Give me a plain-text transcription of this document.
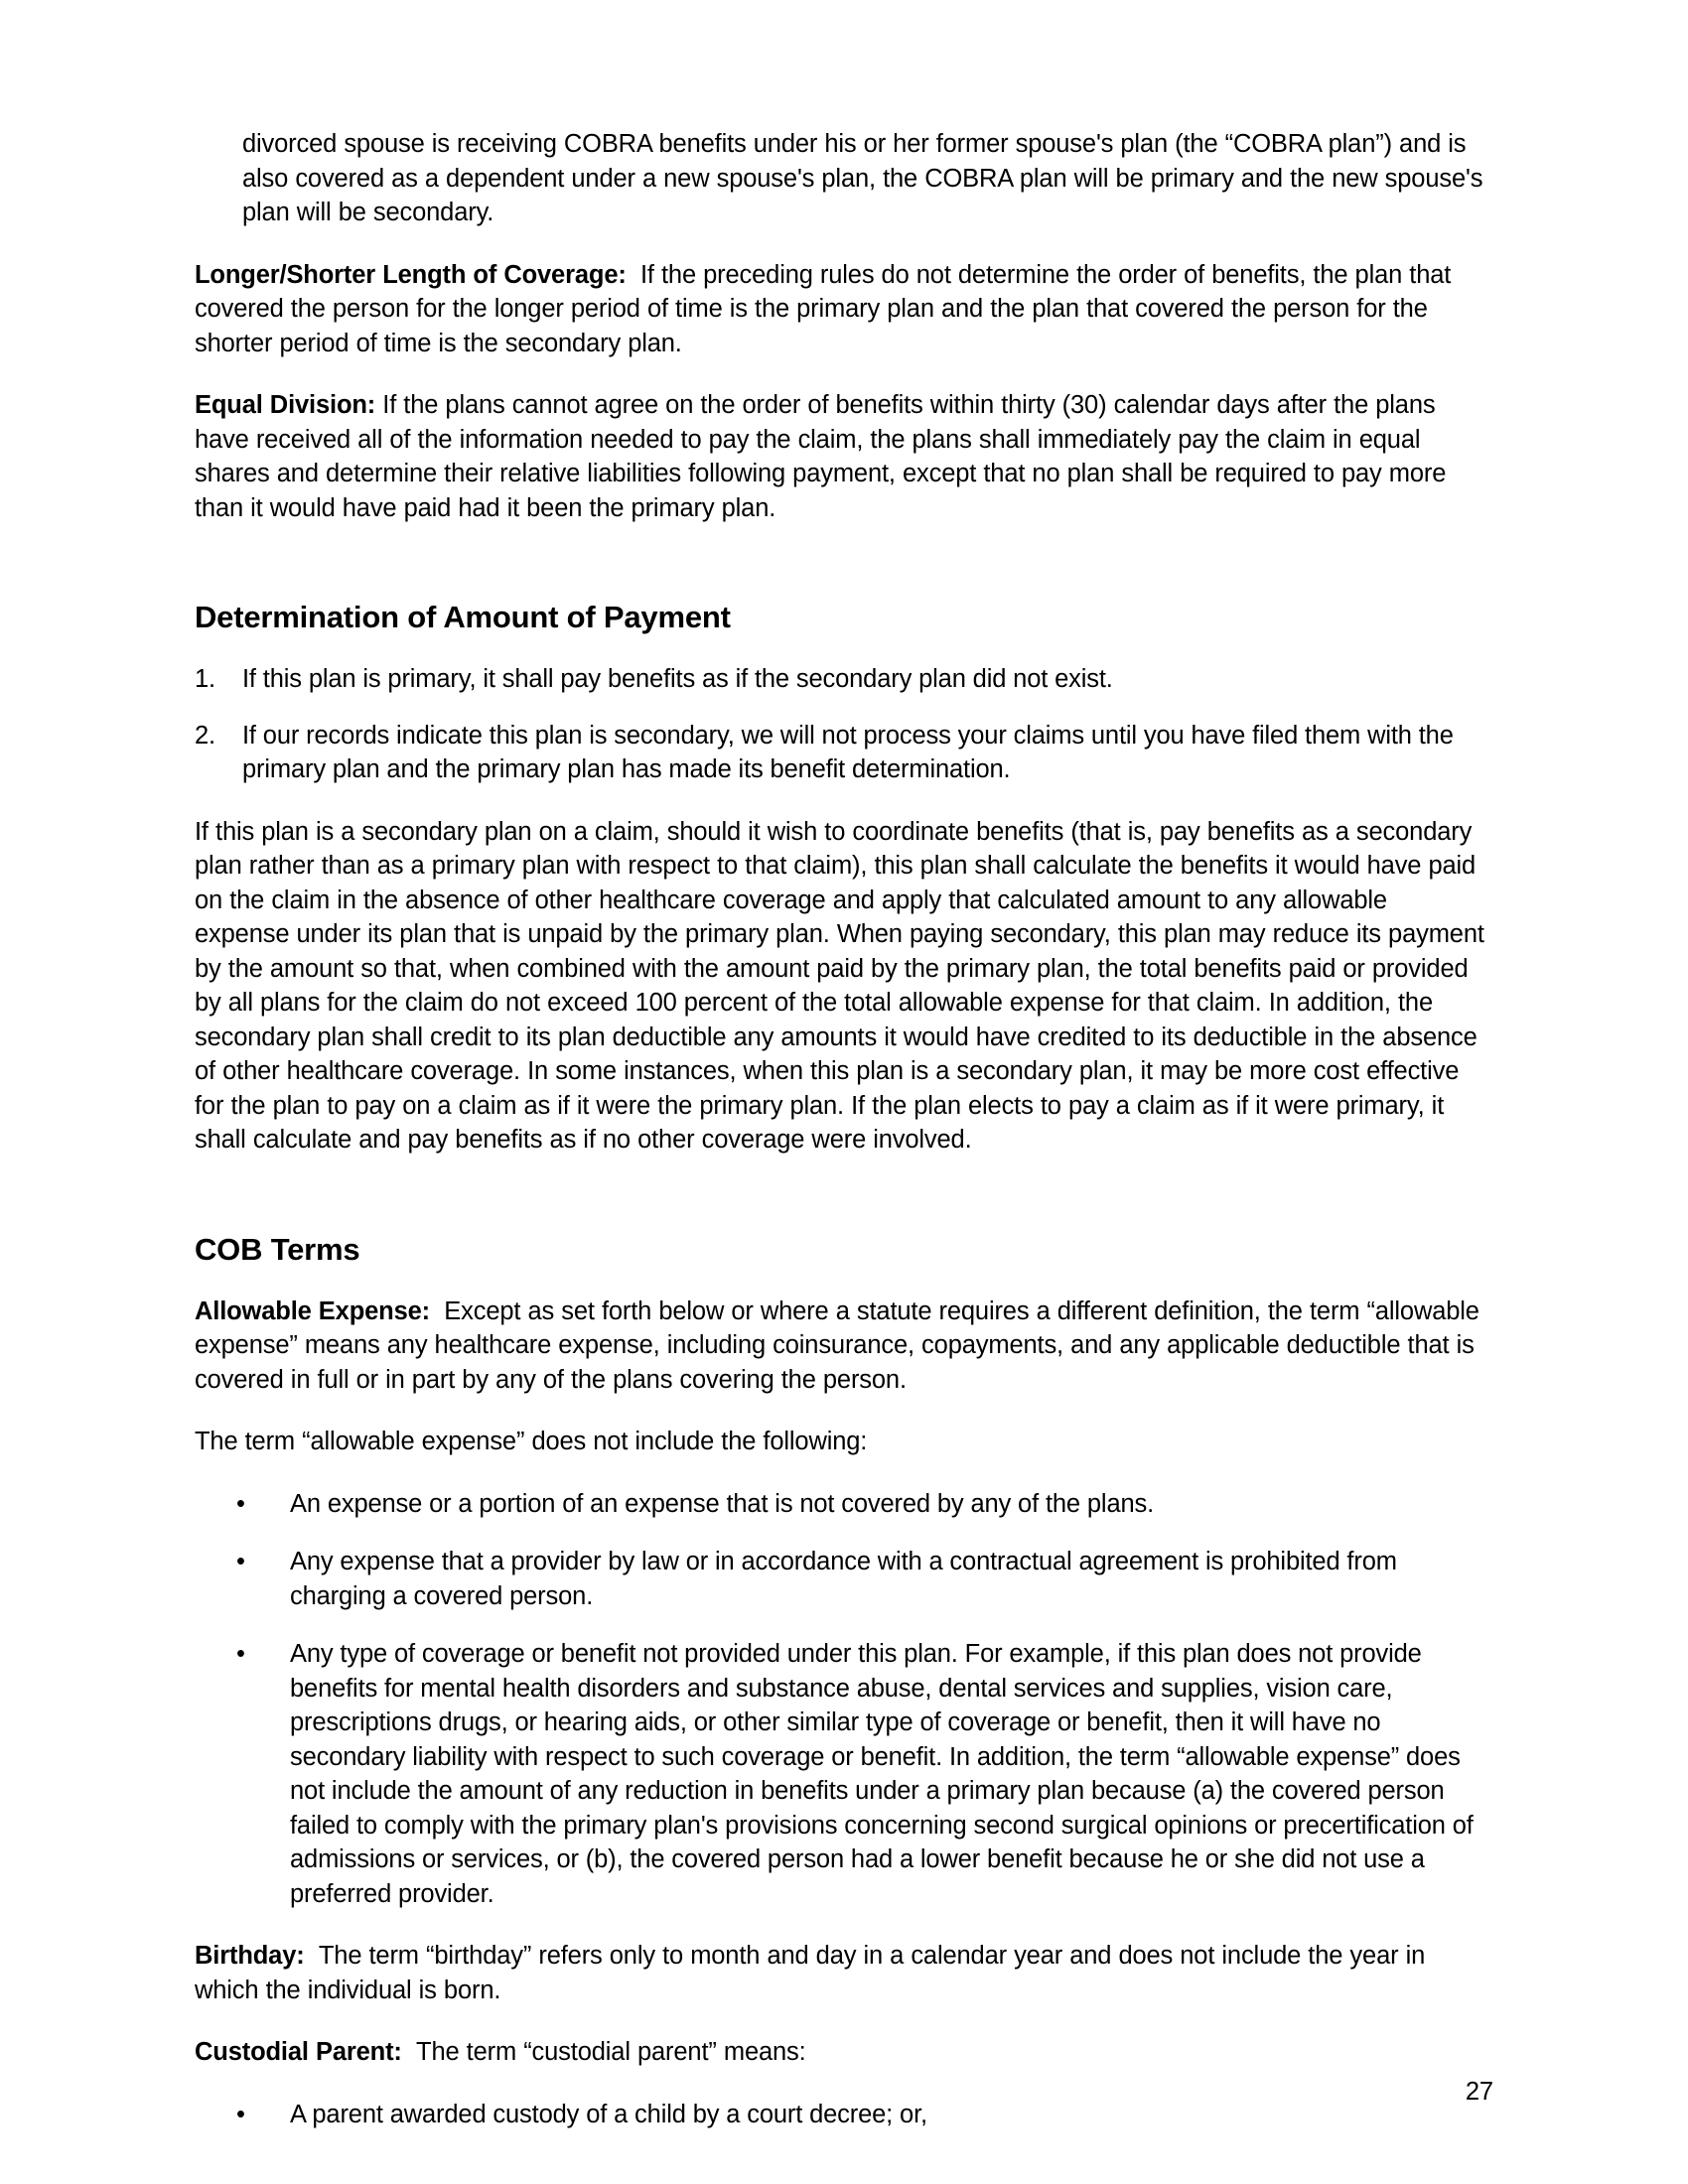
divorced spouse is receiving COBRA benefits under his or her former spouse's plan (the “COBRA plan”) and is also covered as a dependent under a new spouse's plan, the COBRA plan will be primary and the new spouse's plan will be secondary.

Longer/Shorter Length of Coverage: If the preceding rules do not determine the order of benefits, the plan that covered the person for the longer period of time is the primary plan and the plan that covered the person for the shorter period of time is the secondary plan.

Equal Division: If the plans cannot agree on the order of benefits within thirty (30) calendar days after the plans have received all of the information needed to pay the claim, the plans shall immediately pay the claim in equal shares and determine their relative liabilities following payment, except that no plan shall be required to pay more than it would have paid had it been the primary plan.

Determination of Amount of Payment
1.	If this plan is primary, it shall pay benefits as if the secondary plan did not exist.
2.	If our records indicate this plan is secondary, we will not process your claims until you have filed them with the primary plan and the primary plan has made its benefit determination.

If this plan is a secondary plan on a claim, should it wish to coordinate benefits (that is, pay benefits as a secondary plan rather than as a primary plan with respect to that claim), this plan shall calculate the benefits it would have paid on the claim in the absence of other healthcare coverage and apply that calculated amount to any allowable expense under its plan that is unpaid by the primary plan. When paying secondary, this plan may reduce its payment by the amount so that, when combined with the amount paid by the primary plan, the total benefits paid or provided by all plans for the claim do not exceed 100 percent of the total allowable expense for that claim. In addition, the secondary plan shall credit to its plan deductible any amounts it would have credited to its deductible in the absence of other healthcare coverage. In some instances, when this plan is a secondary plan, it may be more cost effective for the plan to pay on a claim as if it were the primary plan. If the plan elects to pay a claim as if it were primary, it shall calculate and pay benefits as if no other coverage were involved.

COB Terms

Allowable Expense: Except as set forth below or where a statute requires a different definition, the term “allowable expense” means any healthcare expense, including coinsurance, copayments, and any applicable deductible that is covered in full or in part by any of the plans covering the person.

The term “allowable expense” does not include the following:

• An expense or a portion of an expense that is not covered by any of the plans.
• Any expense that a provider by law or in accordance with a contractual agreement is prohibited from charging a covered person.
• Any type of coverage or benefit not provided under this plan. For example, if this plan does not provide benefits for mental health disorders and substance abuse, dental services and supplies, vision care, prescriptions drugs, or hearing aids, or other similar type of coverage or benefit, then it will have no secondary liability with respect to such coverage or benefit. In addition, the term “allowable expense” does not include the amount of any reduction in benefits under a primary plan because (a) the covered person failed to comply with the primary plan's provisions concerning second surgical opinions or precertification of admissions or services, or (b), the covered person had a lower benefit because he or she did not use a preferred provider.

Birthday: The term “birthday” refers only to month and day in a calendar year and does not include the year in which the individual is born.

Custodial Parent: The term “custodial parent” means:

• A parent awarded custody of a child by a court decree; or,
27
